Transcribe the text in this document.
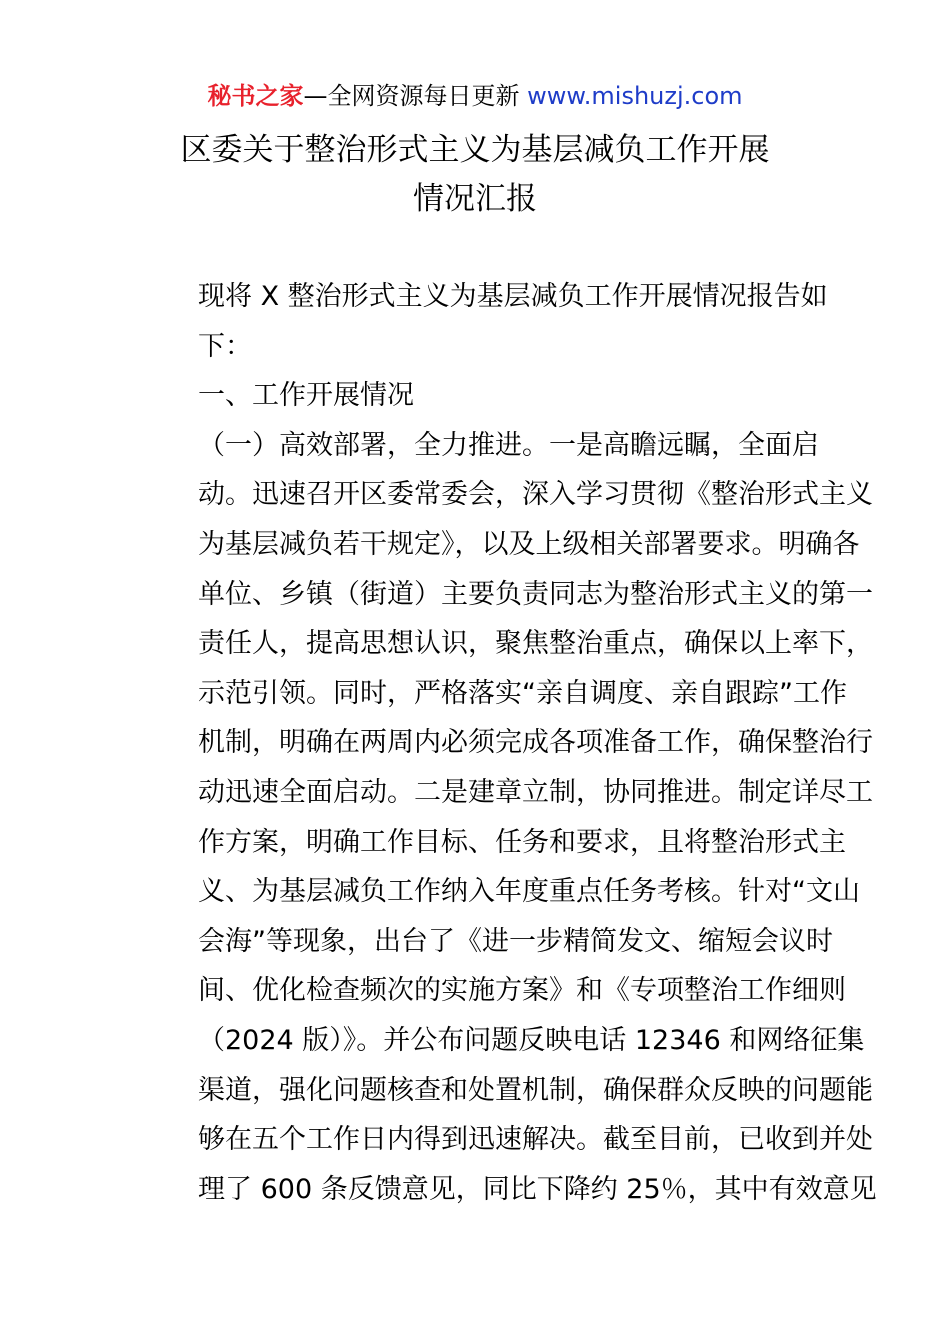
秘书之家—全网资源每日更新 www.mishuzj.com
区委关于整治形式主义为基层减负工作开展
情况汇报

现将 X 整治形式主义为基层减负工作开展情况报告如
下：

一、工作开展情况

（一）高效部署，全力推进。一是高瞻远瞩，全面启
动。迅速召开区委常委会，深入学习贯彻《整治形式主义
为基层减负若干规定》，以及上级相关部署要求。明确各
单位、乡镇（街道）主要负责同志为整治形式主义的第一
责任人，提高思想认识，聚焦整治重点，确保以上率下，
示范引领。同时，严格落实“亲自调度、亲自跟踪”工作
机制，明确在两周内必须完成各项准备工作，确保整治行
动迅速全面启动。二是建章立制，协同推进。制定详尽工
作方案，明确工作目标、任务和要求，且将整治形式主
义、为基层减负工作纳入年度重点任务考核。针对“文山
会海”等现象，出台了《进一步精简发文、缩短会议时
间、优化检查频次的实施方案》和《专项整治工作细则
（2024 版）》。并公布问题反映电话 12346 和网络征集
渠道，强化问题核查和处置机制，确保群众反映的问题能
够在五个工作日内得到迅速解决。截至目前，已收到并处
理了 600 条反馈意见，同比下降约 25％，其中有效意见
